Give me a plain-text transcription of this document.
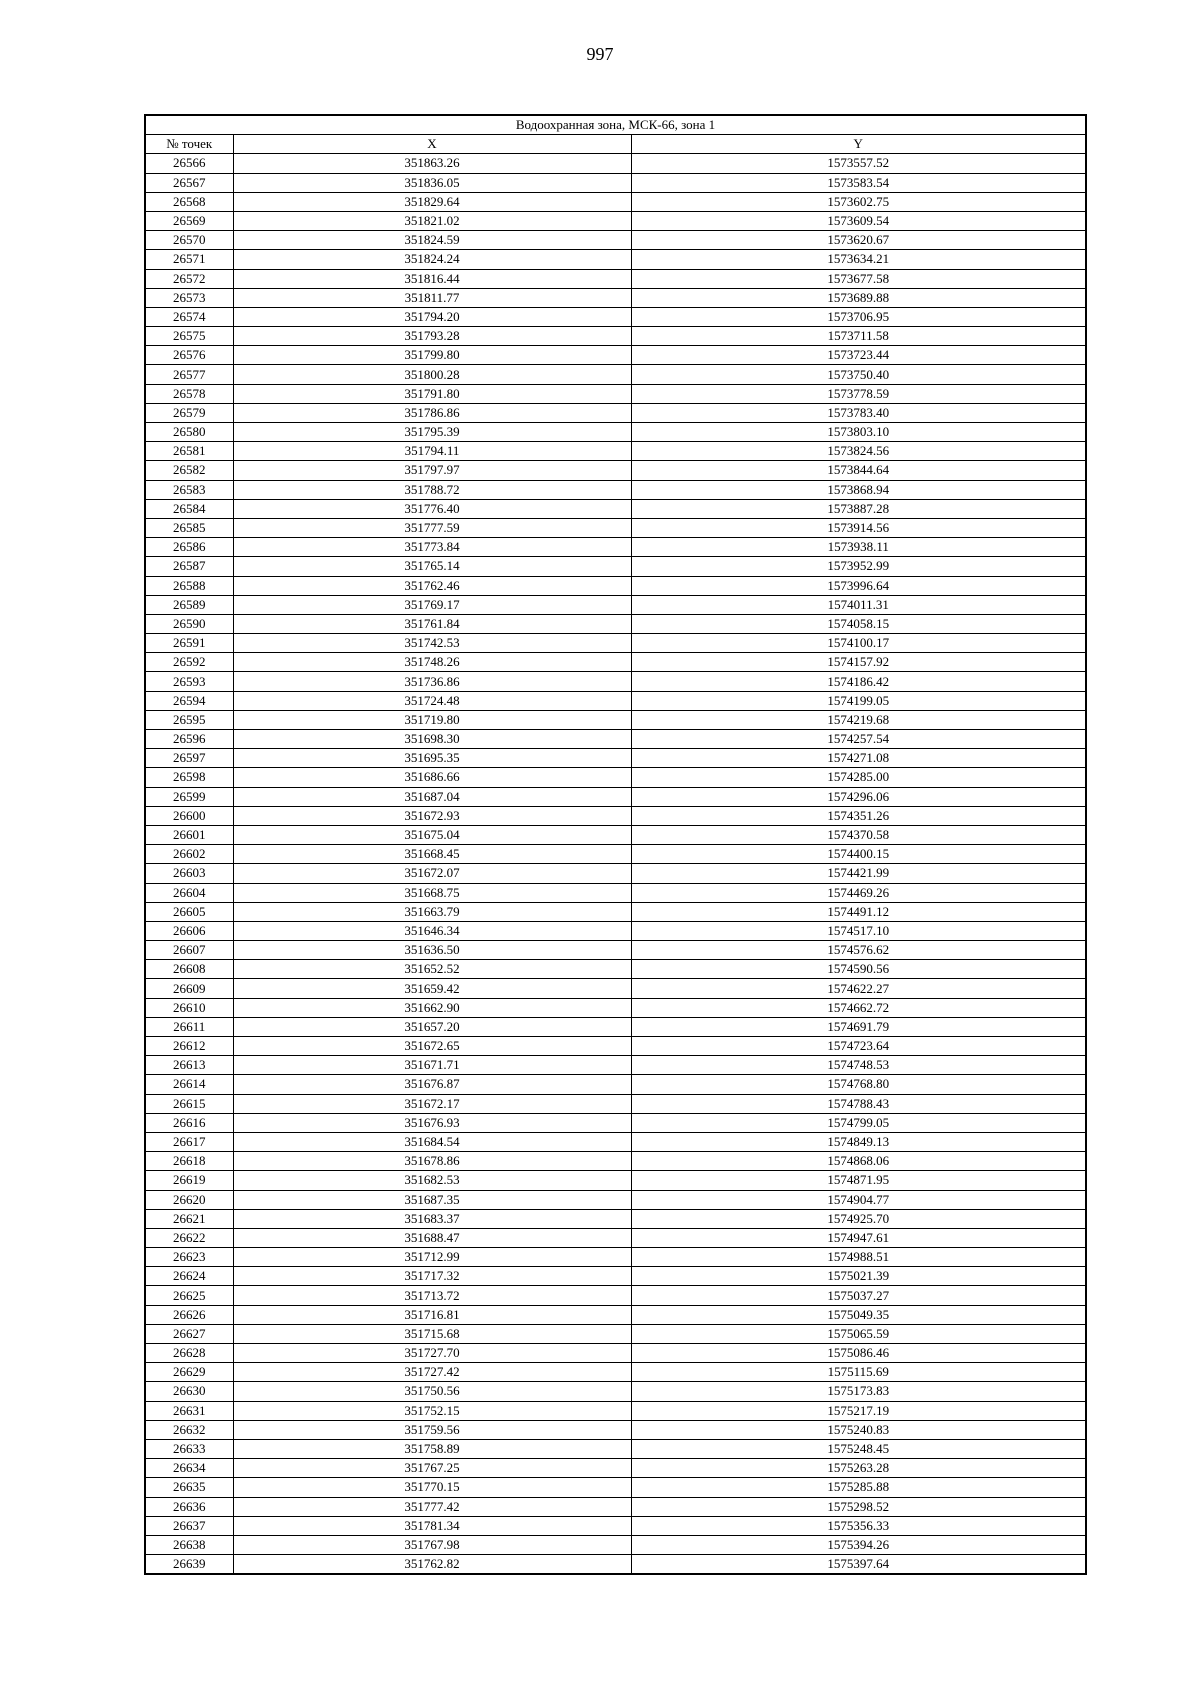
997
Водоохранная зона, МСК-66, зона 1		
№ точек	X	Y
26566	351863.26	1573557.52
26567	351836.05	1573583.54
26568	351829.64	1573602.75
26569	351821.02	1573609.54
26570	351824.59	1573620.67
26571	351824.24	1573634.21
26572	351816.44	1573677.58
26573	351811.77	1573689.88
26574	351794.20	1573706.95
26575	351793.28	1573711.58
26576	351799.80	1573723.44
26577	351800.28	1573750.40
26578	351791.80	1573778.59
26579	351786.86	1573783.40
26580	351795.39	1573803.10
26581	351794.11	1573824.56
26582	351797.97	1573844.64
26583	351788.72	1573868.94
26584	351776.40	1573887.28
26585	351777.59	1573914.56
26586	351773.84	1573938.11
26587	351765.14	1573952.99
26588	351762.46	1573996.64
26589	351769.17	1574011.31
26590	351761.84	1574058.15
26591	351742.53	1574100.17
26592	351748.26	1574157.92
26593	351736.86	1574186.42
26594	351724.48	1574199.05
26595	351719.80	1574219.68
26596	351698.30	1574257.54
26597	351695.35	1574271.08
26598	351686.66	1574285.00
26599	351687.04	1574296.06
26600	351672.93	1574351.26
26601	351675.04	1574370.58
26602	351668.45	1574400.15
26603	351672.07	1574421.99
26604	351668.75	1574469.26
26605	351663.79	1574491.12
26606	351646.34	1574517.10
26607	351636.50	1574576.62
26608	351652.52	1574590.56
26609	351659.42	1574622.27
26610	351662.90	1574662.72
26611	351657.20	1574691.79
26612	351672.65	1574723.64
26613	351671.71	1574748.53
26614	351676.87	1574768.80
26615	351672.17	1574788.43
26616	351676.93	1574799.05
26617	351684.54	1574849.13
26618	351678.86	1574868.06
26619	351682.53	1574871.95
26620	351687.35	1574904.77
26621	351683.37	1574925.70
26622	351688.47	1574947.61
26623	351712.99	1574988.51
26624	351717.32	1575021.39
26625	351713.72	1575037.27
26626	351716.81	1575049.35
26627	351715.68	1575065.59
26628	351727.70	1575086.46
26629	351727.42	1575115.69
26630	351750.56	1575173.83
26631	351752.15	1575217.19
26632	351759.56	1575240.83
26633	351758.89	1575248.45
26634	351767.25	1575263.28
26635	351770.15	1575285.88
26636	351777.42	1575298.52
26637	351781.34	1575356.33
26638	351767.98	1575394.26
26639	351762.82	1575397.64
